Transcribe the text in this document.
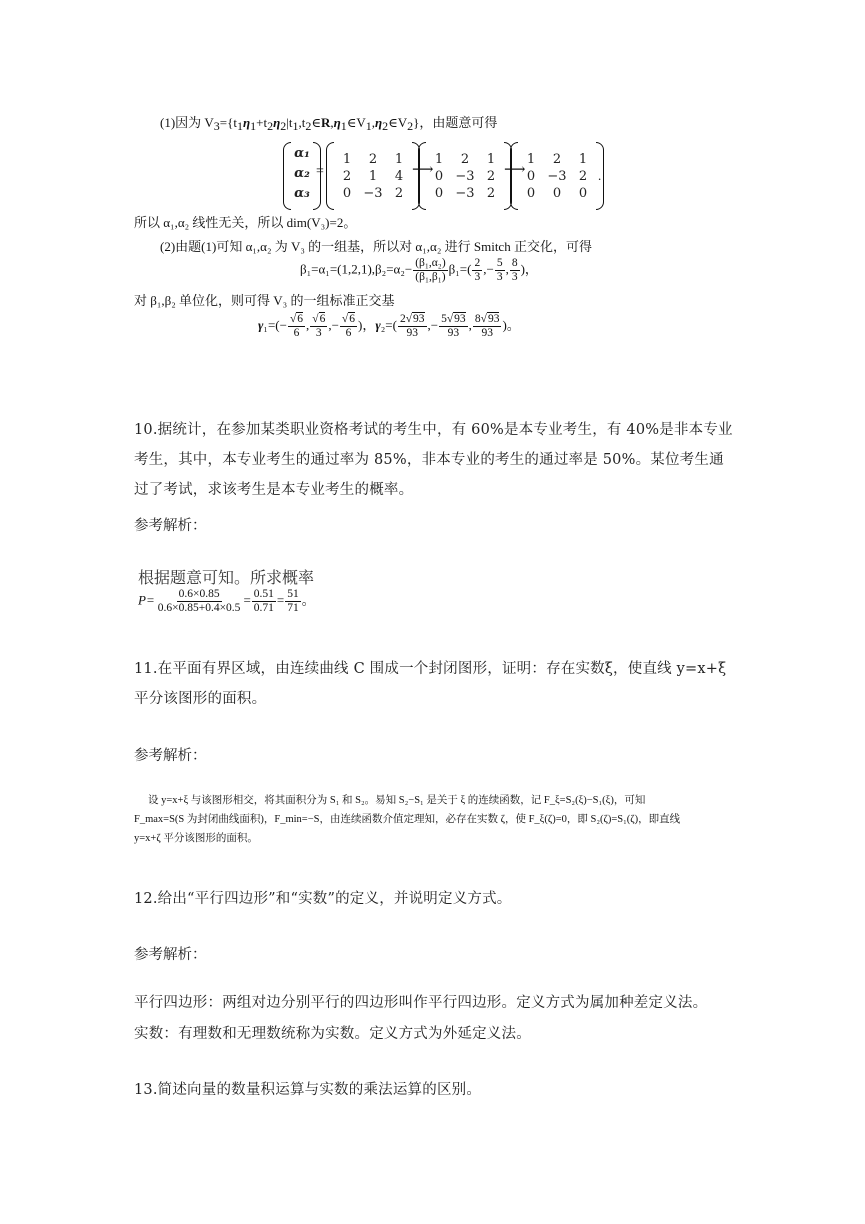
(1)因为 V3={t1η1+t2η2|t1,t2∈R,η1∈V1,η2∈V2}，由题意可得
α₁
α₂
α₃
=
1	2	1
2	1	4
0 −3 2
⟶
1	2	1
0 −3 2
0 −3 2
⟶
1	2	1
0 −3 2
0	0	0
.
所以 α₁,α₂ 线性无关，所以 dim(V₃)=2。
(2)由题(1)可知 α₁,α₂ 为 V₃ 的一组基，所以对 α₁,α₂ 进行 Smitch 正交化，可得
$\beta_1=\alpha_1=(1,2,1),\beta_2=\alpha_2- \frac{\text{(β₁,α₂)}}{\text{(β₁,β₁)}} \beta_1=( \frac{2}{3}$ ,− $\frac{5}{3}$ , $\frac{8}{3}$ )，
对 β₁,β₂ 单位化，则可得 V₃ 的一组标准正交基
$\gamma_1=(- \frac{√6}{6}$ , $\frac{√6}{3}$ ,− $\frac{√6}{6}$ )，$\gamma_2=( \frac{2√93}{93}$ ,− $\frac{5√93}{93}$ , $\frac{8√93}{93}$ )。
10.据统计，在参加某类职业资格考试的考生中，有 60%是本专业考生，有 40%是非本专业考生，其中，本专业考生的通过率为 85%，非本专业的考生的通过率是 50%。某位考生通过了考试，求该考生是本专业考生的概率。
参考解析：
根据题意可知。所求概率
$P= \frac{0.6\times 0.85}{0.6\times 0.85+0.4\times 0.5} = \frac{0.51}{0.71} = \frac{51}{71}$ 。
11.在平面有界区域，由连续曲线 C 围成一个封闭图形，证明：存在实数ξ，使直线 y=x+ξ平分该图形的面积。
参考解析：
设 y=x+ξ 与该图形相交，将其面积分为 S₁ 和 S₂。易知 S₂−S₁ 是关于 ξ 的连续函数，记 F_ξ=S₂(ξ)−S₁(ξ)，可知
F_max=S(S 为封闭曲线面积)，F_min=−S，由连续函数介值定理知，必存在实数 ζ，使 F_ξ(ζ)=0，即 S₂(ζ)=S₁(ζ)，即直线
y=x+ζ 平分该图形的面积。
12.给出“平行四边形”和“实数”的定义，并说明定义方式。
参考解析：
平行四边形：两组对边分别平行的四边形叫作平行四边形。定义方式为属加种差定义法。
实数：有理数和无理数统称为实数。定义方式为外延定义法。
13.简述向量的数量积运算与实数的乘法运算的区别。
